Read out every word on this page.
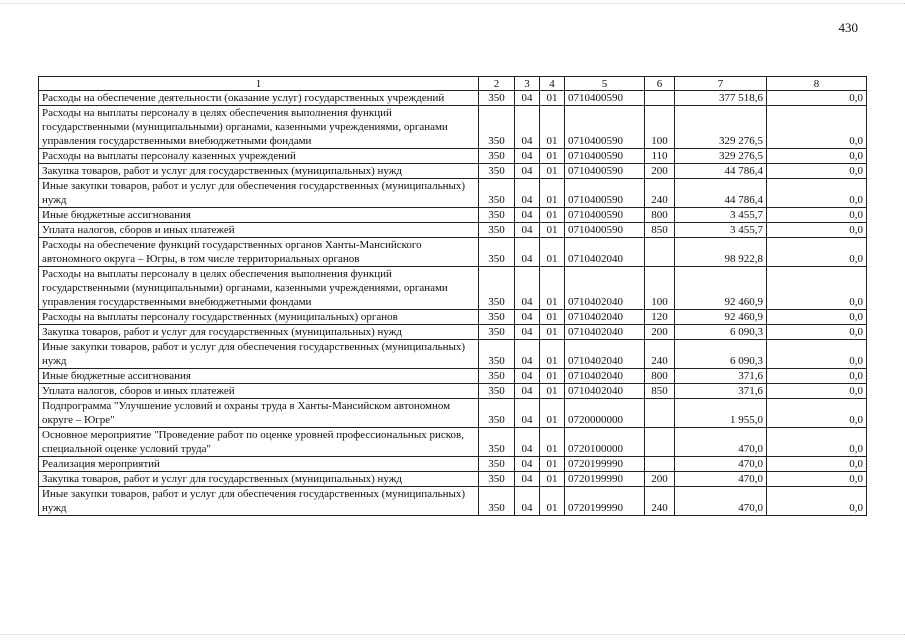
430
1	2	3	4	5	6	7	8
Расходы на обеспечение деятельности (оказание услуг) государственных учреждений	350	04	01	0710400590		377 518,6	0,0
Расходы на выплаты персоналу в целях обеспечения выполнения функций государственными (муниципальными) органами, казенными учреждениями, органами управления государственными внебюджетными фондами	350	04	01	0710400590	100	329 276,5	0,0
Расходы на выплаты персоналу казенных учреждений	350	04	01	0710400590	110	329 276,5	0,0
Закупка товаров, работ и услуг для государственных (муниципальных) нужд	350	04	01	0710400590	200	44 786,4	0,0
Иные закупки товаров, работ и услуг для обеспечения государственных (муниципальных) нужд	350	04	01	0710400590	240	44 786,4	0,0
Иные бюджетные ассигнования	350	04	01	0710400590	800	3 455,7	0,0
Уплата налогов, сборов и иных платежей	350	04	01	0710400590	850	3 455,7	0,0
Расходы на обеспечение функций государственных органов Ханты-Мансийского автономного округа – Югры, в том числе территориальных органов	350	04	01	0710402040		98 922,8	0,0
Расходы на выплаты персоналу в целях обеспечения выполнения функций государственными (муниципальными) органами, казенными учреждениями, органами управления государственными внебюджетными фондами	350	04	01	0710402040	100	92 460,9	0,0
Расходы на выплаты персоналу государственных (муниципальных) органов	350	04	01	0710402040	120	92 460,9	0,0
Закупка товаров, работ и услуг для государственных (муниципальных) нужд	350	04	01	0710402040	200	6 090,3	0,0
Иные закупки товаров, работ и услуг для обеспечения государственных (муниципальных) нужд	350	04	01	0710402040	240	6 090,3	0,0
Иные бюджетные ассигнования	350	04	01	0710402040	800	371,6	0,0
Уплата налогов, сборов и иных платежей	350	04	01	0710402040	850	371,6	0,0
Подпрограмма "Улучшение условий и охраны труда в Ханты-Мансийском автономном округе – Югре"	350	04	01	0720000000		1 955,0	0,0
Основное мероприятие "Проведение работ по оценке уровней профессиональных рисков, специальной оценке условий труда"	350	04	01	0720100000		470,0	0,0
Реализация мероприятий	350	04	01	0720199990		470,0	0,0
Закупка товаров, работ и услуг для государственных (муниципальных) нужд	350	04	01	0720199990	200	470,0	0,0
Иные закупки товаров, работ и услуг для обеспечения государственных (муниципальных) нужд	350	04	01	0720199990	240	470,0	0,0
